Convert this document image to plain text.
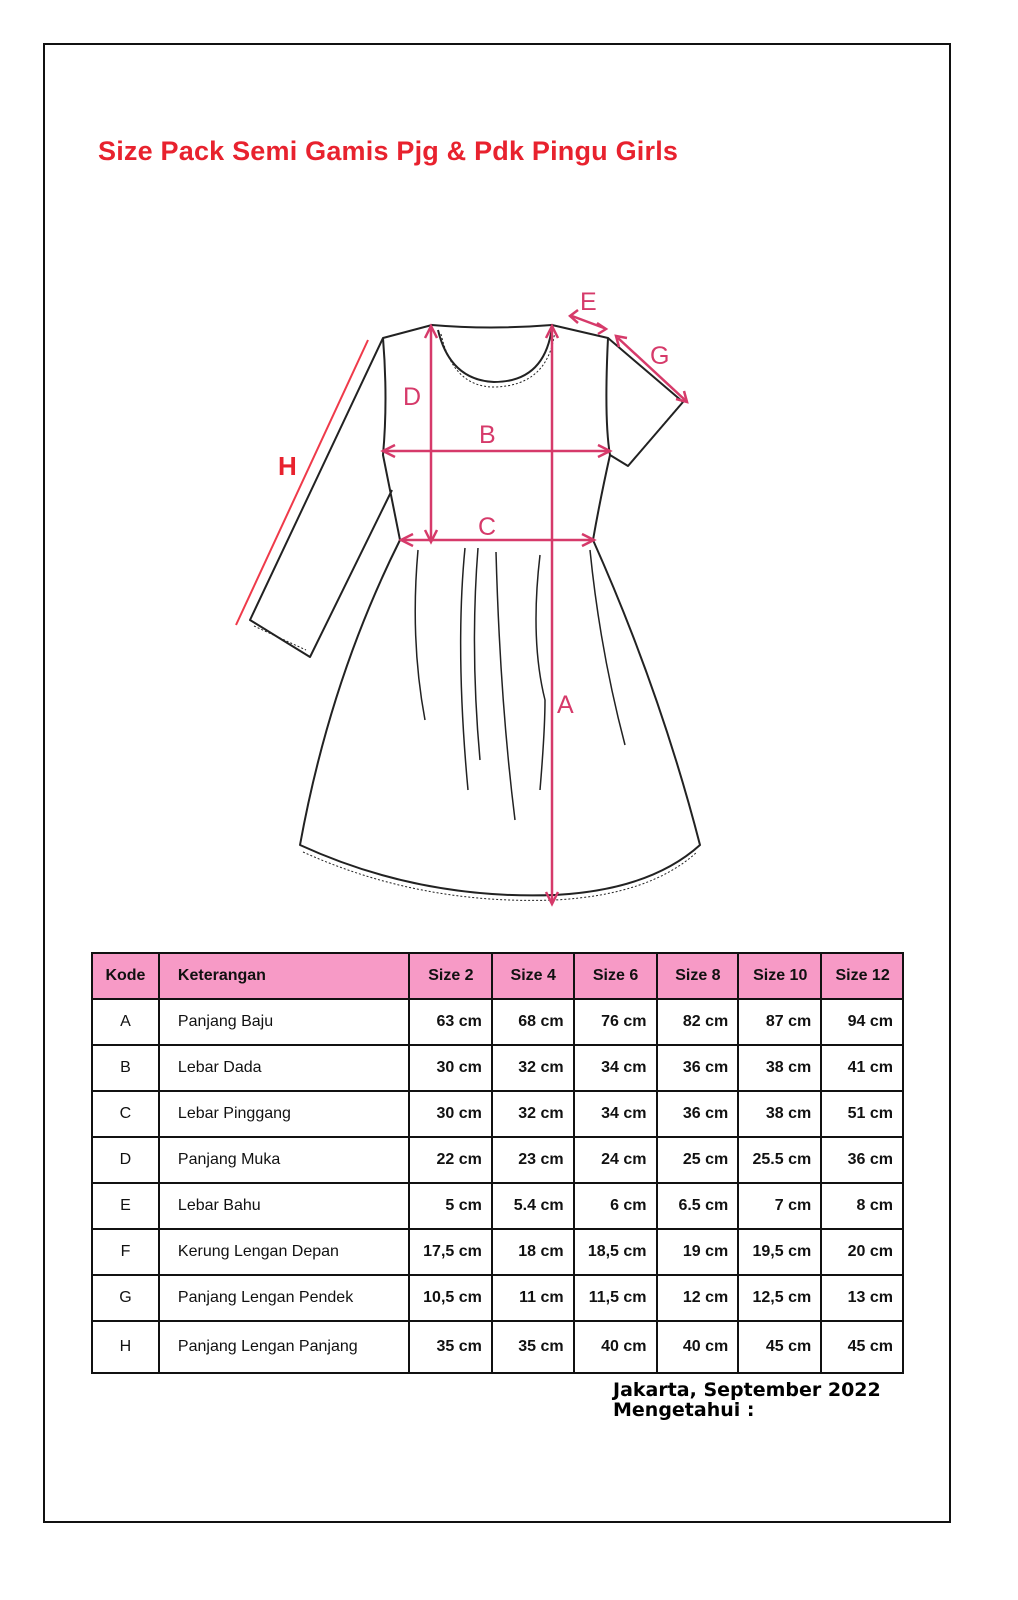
Size Pack Semi Gamis Pjg & Pdk Pingu Girls
A
B
C
D
E
G
H
Kode	Keterangan	Size 2	Size 4	Size 6	Size 8	Size 10	Size 12
A	Panjang Baju	63 cm	68 cm	76 cm	82 cm	87 cm	94 cm
B	Lebar Dada	30 cm	32 cm	34 cm	36 cm	38 cm	41 cm
C	Lebar Pinggang	30 cm	32 cm	34 cm	36 cm	38 cm	51 cm
D	Panjang Muka	22 cm	23 cm	24 cm	25 cm	25.5 cm	36 cm
E	Lebar Bahu	5 cm	5.4 cm	6 cm	6.5 cm	7 cm	8 cm
F	Kerung Lengan Depan	17,5 cm	18 cm	18,5 cm	19 cm	19,5 cm	20 cm
G	Panjang Lengan Pendek	10,5 cm	11 cm	11,5 cm	12 cm	12,5 cm	13 cm
H	Panjang Lengan Panjang	35 cm	35 cm	40 cm	40 cm	45 cm	45 cm
Jakarta, September 2022
Mengetahui :
